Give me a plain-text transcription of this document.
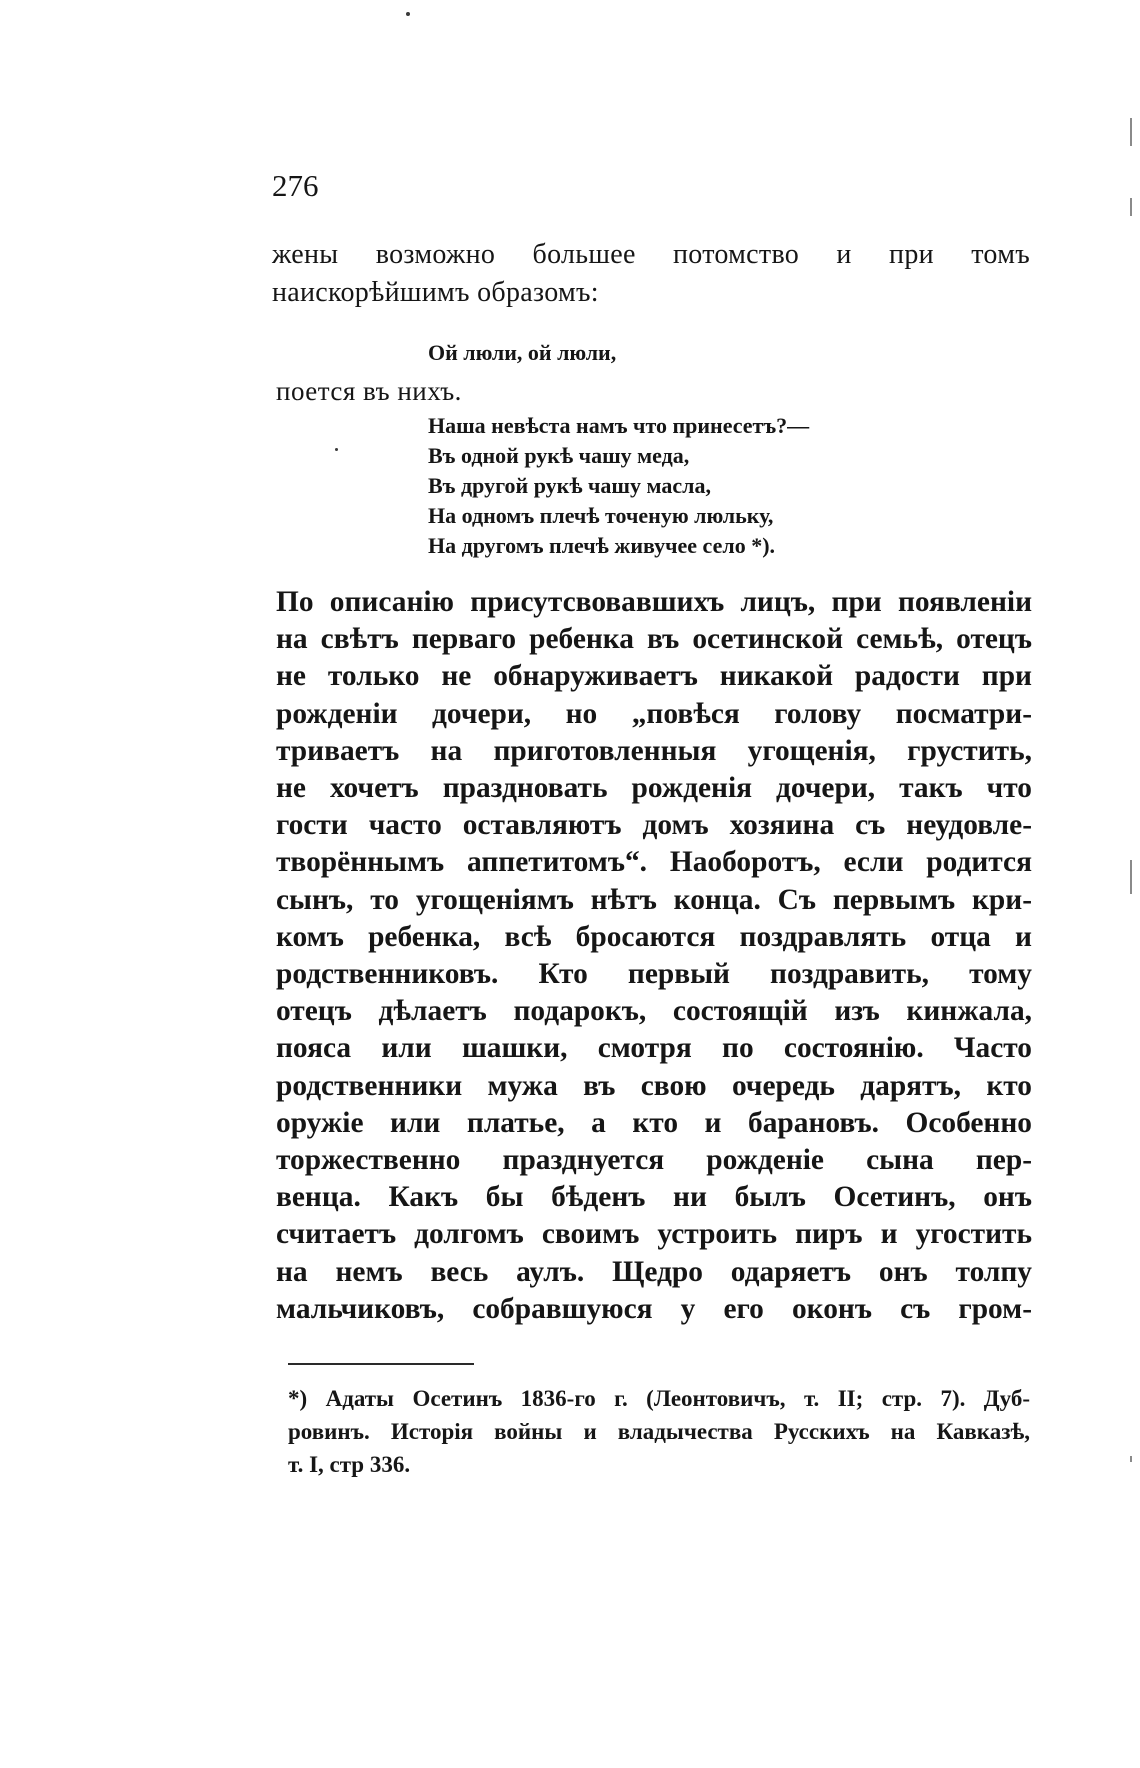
276
жены возможно большее потомство и при томъ
наискорѣйшимъ образомъ:
Ой люли, ой люли,
поется въ нихъ.
Наша невѣста намъ что принесетъ?—
Въ одной рукѣ чашу меда,
Въ другой рукѣ чашу масла,
На одномъ плечѣ точеную люльку,
На другомъ плечѣ живучее село *).
По описанію присутсвовавшихъ лицъ, при появленіи
на свѣтъ перваго ребенка въ осетинской семьѣ, отецъ
не только не обнаруживаетъ никакой радости при
рожденіи дочери, но „повѣся голову посматри-
триваетъ на приготовленныя угощенія, грустить,
не хочетъ праздновать рожденія дочери, такъ что
гости часто оставляютъ домъ хозяина съ неудовле-
творённымъ аппетитомъ“. Наоборотъ, если родится
сынъ, то угощеніямъ нѣтъ конца. Съ первымъ кри-
комъ ребенка, всѣ бросаются поздравлять отца и
родственниковъ. Кто первый поздравить, тому
отецъ дѣлаетъ подарокъ, состоящій изъ кинжала,
пояса или шашки, смотря по состоянію. Часто
родственники мужа въ свою очередь дарятъ, кто
оружіе или платье, а кто и барановъ. Особенно
торжественно празднуется рожденіе сына пер-
венца. Какъ бы бѣденъ ни былъ Осетинъ, онъ
считаетъ долгомъ своимъ устроить пиръ и угостить
на немъ весь аулъ. Щедро одаряетъ онъ толпу
мальчиковъ, собравшуюся у его оконъ съ гром-
*) Адаты Осетинъ 1836-го г. (Леонтовичъ, т. II; стр. 7). Дуб-
ровинъ. Исторія войны и владычества Русскихъ на Кавказѣ,
т. I, стр 336.
